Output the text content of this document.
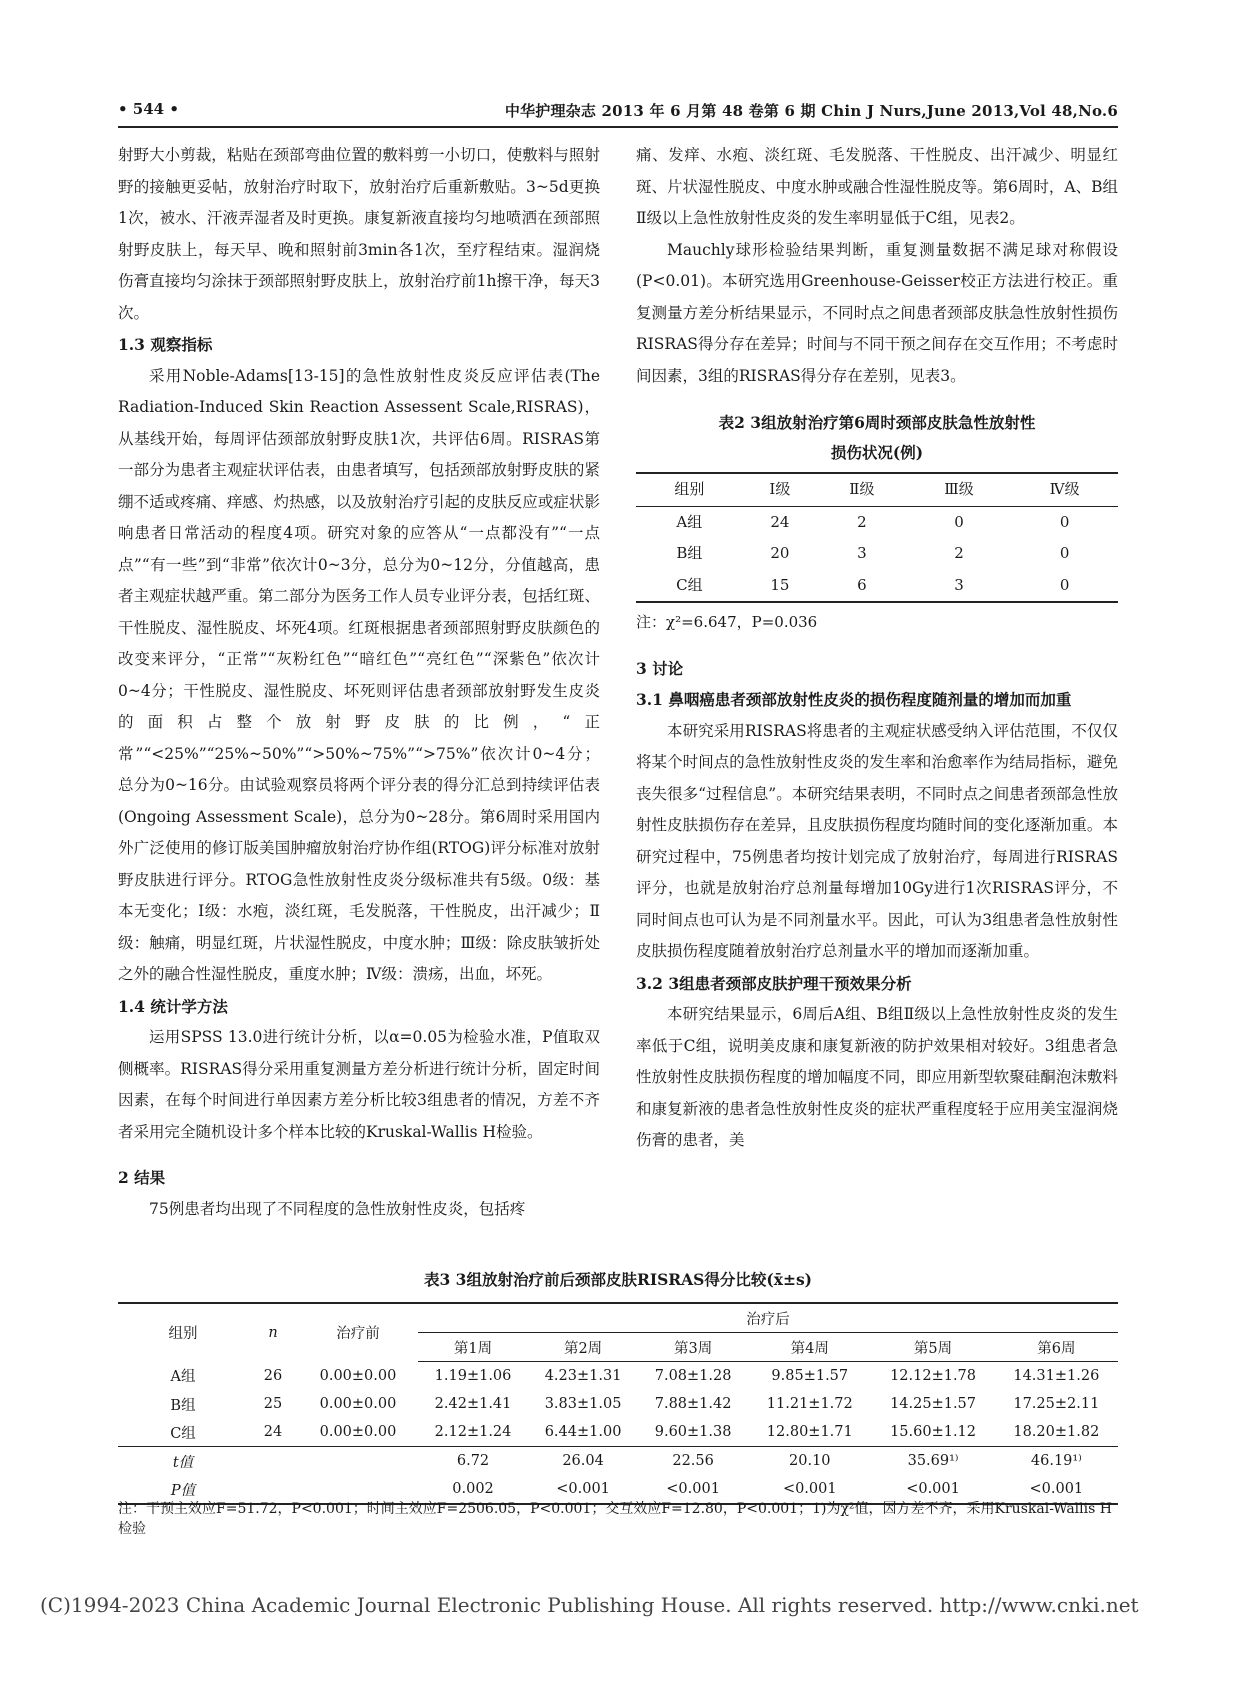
• 544 •	中华护理杂志 2013 年 6 月第 48 卷第 6 期 Chin J Nurs,June 2013,Vol 48,No.6

射野大小剪裁，粘贴在颈部弯曲位置的敷料剪一小切口，使敷料与照射野的接触更妥帖，放射治疗时取下，放射治疗后重新敷贴。3~5d更换1次，被水、汗液弄湿者及时更换。康复新液直接均匀地喷洒在颈部照射野皮肤上，每天早、晚和照射前3min各1次，至疗程结束。湿润烧伤膏直接均匀涂抹于颈部照射野皮肤上，放射治疗前1h擦干净，每天3次。

1.3 观察指标

采用Noble-Adams[13-15]的急性放射性皮炎反应评估表(The Radiation-Induced Skin Reaction Assessent Scale,RISRAS)，从基线开始，每周评估颈部放射野皮肤1次，共评估6周。RISRAS第一部分为患者主观症状评估表，由患者填写，包括颈部放射野皮肤的紧绷不适或疼痛、痒感、灼热感，以及放射治疗引起的皮肤反应或症状影响患者日常活动的程度4项。研究对象的应答从“一点都没有”“一点点”“有一些”到“非常”依次计0~3分，总分为0~12分，分值越高，患者主观症状越严重。第二部分为医务工作人员专业评分表，包括红斑、干性脱皮、湿性脱皮、坏死4项。红斑根据患者颈部照射野皮肤颜色的改变来评分，“正常”“灰粉红色”“暗红色”“亮红色”“深紫色”依次计0~4分；干性脱皮、湿性脱皮、坏死则评估患者颈部放射野发生皮炎的面积占整个放射野皮肤的比例，“正常”“<25%”“25%~50%”“>50%~75%”“>75%”依次计0~4分；总分为0~16分。由试验观察员将两个评分表的得分汇总到持续评估表(Ongoing Assessment Scale)，总分为0~28分。第6周时采用国内外广泛使用的修订版美国肿瘤放射治疗协作组(RTOG)评分标准对放射野皮肤进行评分。RTOG急性放射性皮炎分级标准共有5级。0级：基本无变化；Ⅰ级：水疱，淡红斑，毛发脱落，干性脱皮，出汗减少；Ⅱ级：触痛，明显红斑，片状湿性脱皮，中度水肿；Ⅲ级：除皮肤皱折处之外的融合性湿性脱皮，重度水肿；Ⅳ级：溃疡，出血，坏死。

1.4 统计学方法

运用SPSS 13.0进行统计分析，以α=0.05为检验水准，P值取双侧概率。RISRAS得分采用重复测量方差分析进行统计分析，固定时间因素，在每个时间进行单因素方差分析比较3组患者的情况，方差不齐者采用完全随机设计多个样本比较的Kruskal-Wallis H检验。

2 结果

75例患者均出现了不同程度的急性放射性皮炎，包括疼

痛、发痒、水疱、淡红斑、毛发脱落、干性脱皮、出汗减少、明显红斑、片状湿性脱皮、中度水肿或融合性湿性脱皮等。第6周时，A、B组Ⅱ级以上急性放射性皮炎的发生率明显低于C组，见表2。

Mauchly球形检验结果判断，重复测量数据不满足球对称假设(P<0.01)。本研究选用Greenhouse-Geisser校正方法进行校正。重复测量方差分析结果显示，不同时点之间患者颈部皮肤急性放射性损伤RISRAS得分存在差异；时间与不同干预之间存在交互作用；不考虑时间因素，3组的RISRAS得分存在差别，见表3。

表2 3组放射治疗第6周时颈部皮肤急性放射性
损伤状况(例)
组别	Ⅰ级	Ⅱ级	Ⅲ级	Ⅳ级
A组	24	2	0	0
B组	20	3	2	0
C组	15	6	3	0
注：χ²=6.647，P=0.036

3 讨论

3.1 鼻咽癌患者颈部放射性皮炎的损伤程度随剂量的增加而加重

本研究采用RISRAS将患者的主观症状感受纳入评估范围，不仅仅将某个时间点的急性放射性皮炎的发生率和治愈率作为结局指标，避免丧失很多“过程信息”。本研究结果表明，不同时点之间患者颈部急性放射性皮肤损伤存在差异，且皮肤损伤程度均随时间的变化逐渐加重。本研究过程中，75例患者均按计划完成了放射治疗，每周进行RISRAS评分，也就是放射治疗总剂量每增加10Gy进行1次RISRAS评分，不同时间点也可认为是不同剂量水平。因此，可认为3组患者急性放射性皮肤损伤程度随着放射治疗总剂量水平的增加而逐渐加重。

3.2 3组患者颈部皮肤护理干预效果分析

本研究结果显示，6周后A组、B组Ⅱ级以上急性放射性皮炎的发生率低于C组，说明美皮康和康复新液的防护效果相对较好。3组患者急性放射性皮肤损伤程度的增加幅度不同，即应用新型软聚硅酮泡沫敷料和康复新液的患者急性放射性皮炎的症状严重程度轻于应用美宝湿润烧伤膏的患者，美

表3 3组放射治疗前后颈部皮肤RISRAS得分比较(x̄±s)
组别	n	治疗前	治疗后					
			第1周	第2周	第3周	第4周	第5周	第6周
A组	26	0.00±0.00	1.19±1.06	4.23±1.31	7.08±1.28	9.85±1.57	12.12±1.78	14.31±1.26
B组	25	0.00±0.00	2.42±1.41	3.83±1.05	7.88±1.42	11.21±1.72	14.25±1.57	17.25±2.11
C组	24	0.00±0.00	2.12±1.24	6.44±1.00	9.60±1.38	12.80±1.71	15.60±1.12	18.20±1.82
t值			6.72	26.04	22.56	20.10	35.69¹⁾	46.19¹⁾
P值			0.002	<0.001	<0.001	<0.001	<0.001	<0.001
注：干预主效应F=51.72，P<0.001；时间主效应F=2506.05，P<0.001；交互效应F=12.80，P<0.001；1)为χ²值，因方差不齐，采用Kruskal-Wallis H检验
(C)1994-2023 China Academic Journal Electronic Publishing House. All rights reserved. http://www.cnki.net
